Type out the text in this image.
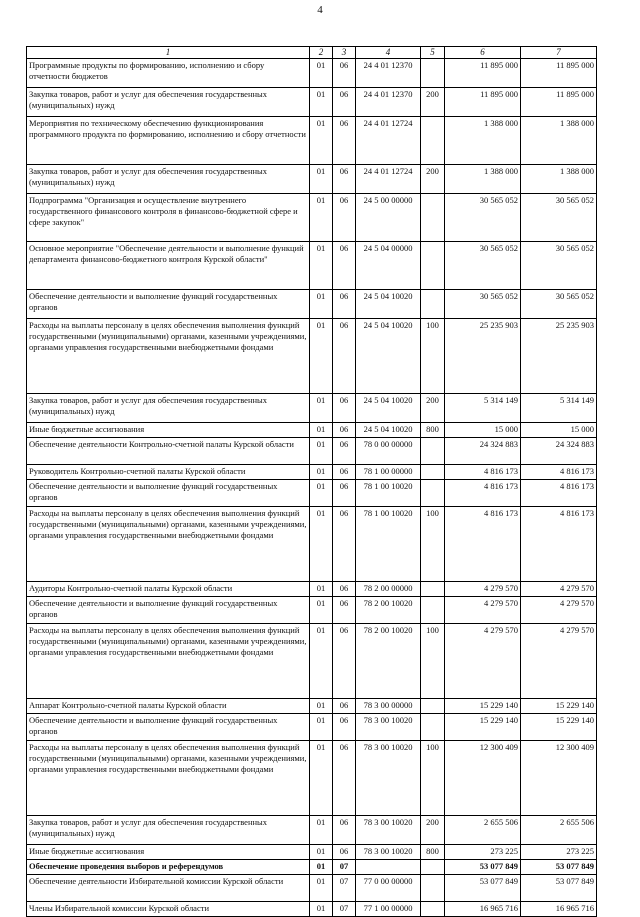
4
1	2	3	4	5	6	7
Программные продукты по формированию, исполнению и сбору отчетности бюджетов	01	06	24 4 01 12370		11 895 000	11 895 000
Закупка товаров, работ и услуг для обеспечения государственных (муниципальных) нужд	01	06	24 4 01 12370	200	11 895 000	11 895 000
Мероприятия по техническому обеспечению функционирования программного продукта по формированию, исполнению и сбору отчетности	01	06	24 4 01 12724		1 388 000	1 388 000
Закупка товаров, работ и услуг для обеспечения государственных (муниципальных) нужд	01	06	24 4 01 12724	200	1 388 000	1 388 000
Подпрограмма "Организация и осуществление внутреннего государственного финансового контроля в финансово-бюджетной сфере и сфере закупок"	01	06	24 5 00 00000		30 565 052	30 565 052
Основное мероприятие "Обеспечение деятельности и выполнение функций департамента финансово-бюджетного контроля Курской области"	01	06	24 5 04 00000		30 565 052	30 565 052
Обеспечение деятельности и выполнение функций государственных органов	01	06	24 5 04 10020		30 565 052	30 565 052
Расходы на выплаты персоналу в целях обеспечения выполнения функций государственными (муниципальными) органами, казенными учреждениями, органами управления государственными внебюджетными фондами	01	06	24 5 04 10020	100	25 235 903	25 235 903
Закупка товаров, работ и услуг для обеспечения государственных (муниципальных) нужд	01	06	24 5 04 10020	200	5 314 149	5 314 149
Иные бюджетные ассигнования	01	06	24 5 04 10020	800	15 000	15 000
Обеспечение деятельности Контрольно-счетной палаты Курской области	01	06	78 0 00 00000		24 324 883	24 324 883
Руководитель Контрольно-счетной палаты Курской области	01	06	78 1 00 00000		4 816 173	4 816 173
Обеспечение деятельности и выполнение функций государственных органов	01	06	78 1 00 10020		4 816 173	4 816 173
Расходы на выплаты персоналу в целях обеспечения выполнения функций государственными (муниципальными) органами, казенными учреждениями, органами управления государственными внебюджетными фондами	01	06	78 1 00 10020	100	4 816 173	4 816 173
Аудиторы Контрольно-счетной палаты Курской области	01	06	78 2 00 00000		4 279 570	4 279 570
Обеспечение деятельности и выполнение функций государственных органов	01	06	78 2 00 10020		4 279 570	4 279 570
Расходы на выплаты персоналу в целях обеспечения выполнения функций государственными (муниципальными) органами, казенными учреждениями, органами управления государственными внебюджетными фондами	01	06	78 2 00 10020	100	4 279 570	4 279 570
Аппарат Контрольно-счетной палаты Курской области	01	06	78 3 00 00000		15 229 140	15 229 140
Обеспечение деятельности и выполнение функций государственных органов	01	06	78 3 00 10020		15 229 140	15 229 140
Расходы на выплаты персоналу в целях обеспечения выполнения функций государственными (муниципальными) органами, казенными учреждениями, органами управления государственными внебюджетными фондами	01	06	78 3 00 10020	100	12 300 409	12 300 409
Закупка товаров, работ и услуг для обеспечения государственных (муниципальных) нужд	01	06	78 3 00 10020	200	2 655 506	2 655 506
Иные бюджетные ассигнования	01	06	78 3 00 10020	800	273 225	273 225
Обеспечение проведения выборов и референдумов	01	07			53 077 849	53 077 849
Обеспечение деятельности Избирательной комиссии Курской области	01	07	77 0 00 00000		53 077 849	53 077 849
Члены Избирательной комиссии Курской области	01	07	77 1 00 00000		16 965 716	16 965 716
